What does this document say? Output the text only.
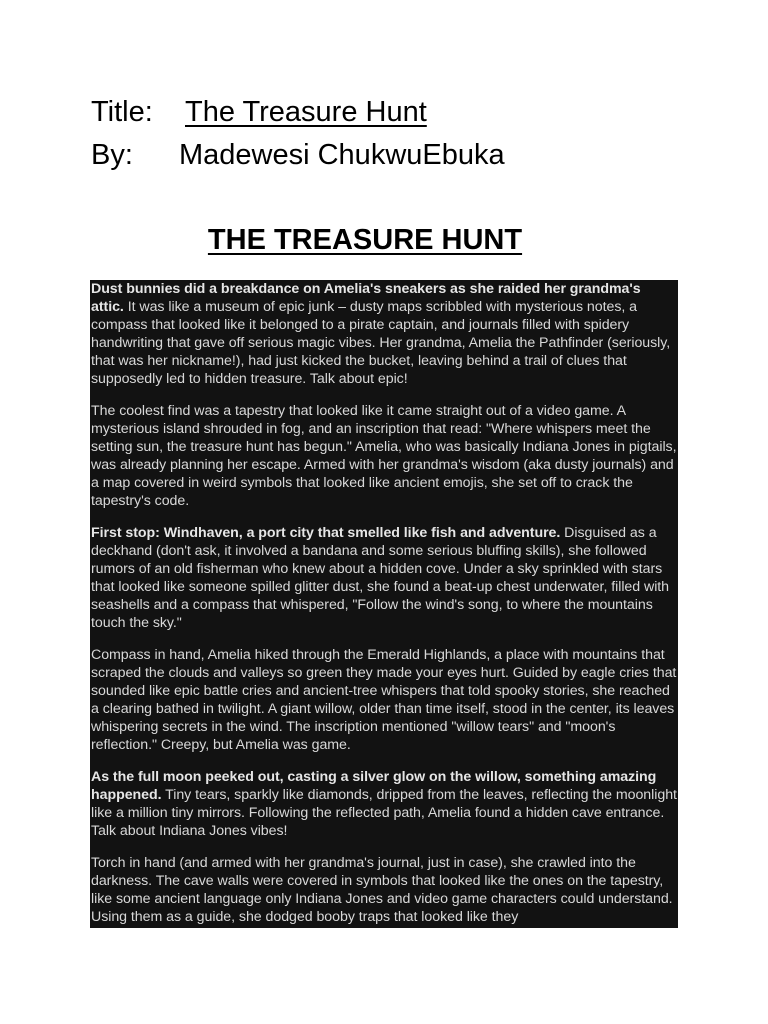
Title: The Treasure Hunt
By: Madewesi ChukwuEbuka
THE TREASURE HUNT

Dust bunnies did a breakdance on Amelia's sneakers as she raided her grandma's attic. It was like a museum of epic junk – dusty maps scribbled with mysterious notes, a compass that looked like it belonged to a pirate captain, and journals filled with spidery handwriting that gave off serious magic vibes. Her grandma, Amelia the Pathfinder (seriously, that was her nickname!), had just kicked the bucket, leaving behind a trail of clues that supposedly led to hidden treasure. Talk about epic!

The coolest find was a tapestry that looked like it came straight out of a video game. A mysterious island shrouded in fog, and an inscription that read: "Where whispers meet the setting sun, the treasure hunt has begun." Amelia, who was basically Indiana Jones in pigtails, was already planning her escape. Armed with her grandma's wisdom (aka dusty journals) and a map covered in weird symbols that looked like ancient emojis, she set off to crack the tapestry's code.

First stop: Windhaven, a port city that smelled like fish and adventure. Disguised as a deckhand (don't ask, it involved a bandana and some serious bluffing skills), she followed rumors of an old fisherman who knew about a hidden cove. Under a sky sprinkled with stars that looked like someone spilled glitter dust, she found a beat-up chest underwater, filled with seashells and a compass that whispered, "Follow the wind's song, to where the mountains touch the sky."

Compass in hand, Amelia hiked through the Emerald Highlands, a place with mountains that scraped the clouds and valleys so green they made your eyes hurt. Guided by eagle cries that sounded like epic battle cries and ancient-tree whispers that told spooky stories, she reached a clearing bathed in twilight. A giant willow, older than time itself, stood in the center, its leaves whispering secrets in the wind. The inscription mentioned "willow tears" and "moon's reflection." Creepy, but Amelia was game.

As the full moon peeked out, casting a silver glow on the willow, something amazing happened. Tiny tears, sparkly like diamonds, dripped from the leaves, reflecting the moonlight like a million tiny mirrors. Following the reflected path, Amelia found a hidden cave entrance. Talk about Indiana Jones vibes!

Torch in hand (and armed with her grandma's journal, just in case), she crawled into the darkness. The cave walls were covered in symbols that looked like the ones on the tapestry, like some ancient language only Indiana Jones and video game characters could understand. Using them as a guide, she dodged booby traps that looked like they
